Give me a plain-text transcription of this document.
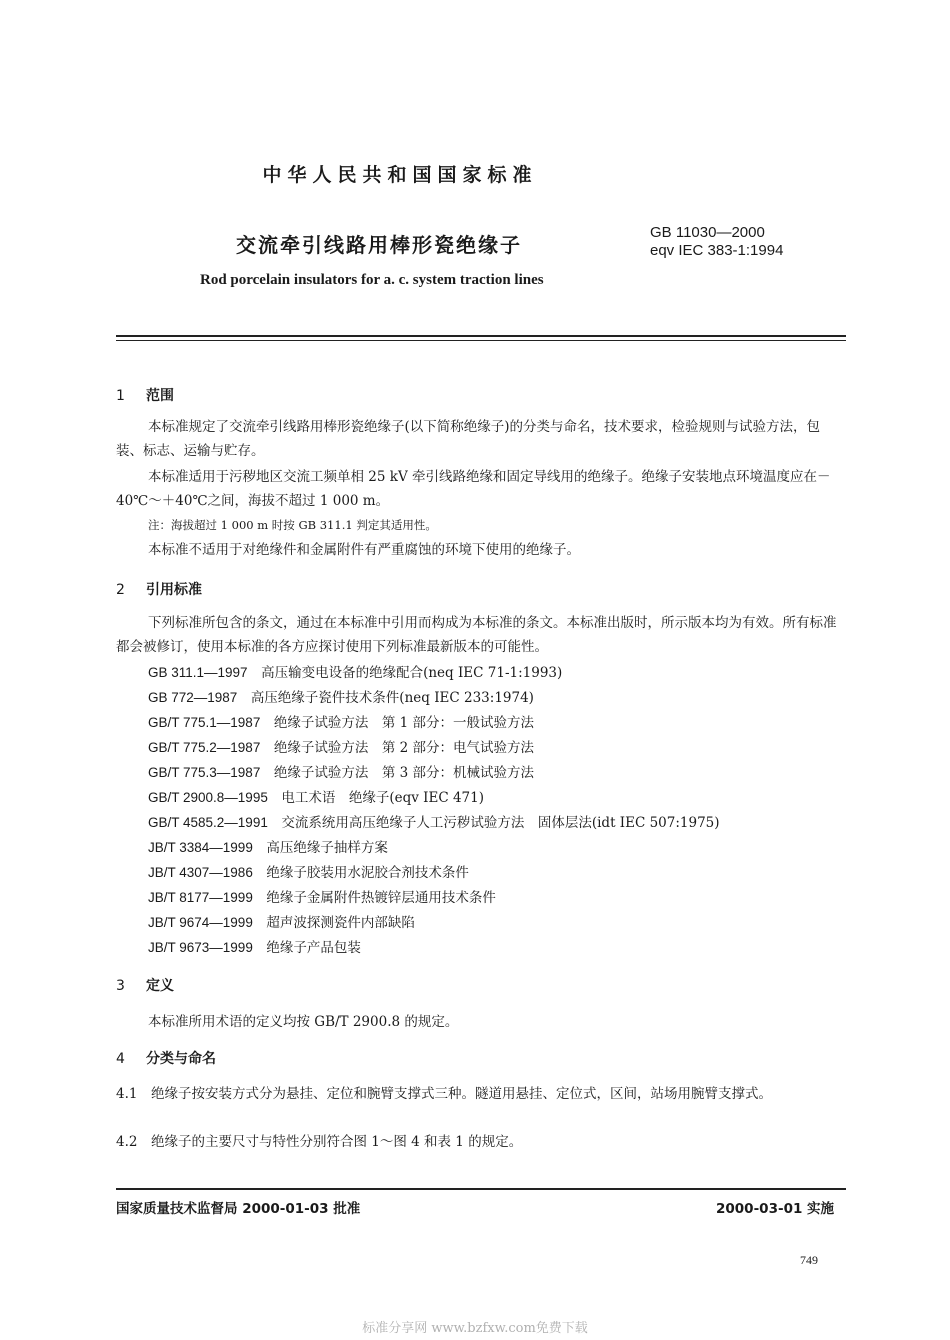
中华人民共和国国家标准
交流牵引线路用棒形瓷绝缘子
GB 11030—2000
eqv IEC 383-1:1994
Rod porcelain insulators for a. c. system traction lines
1 范围
本标准规定了交流牵引线路用棒形瓷绝缘子(以下简称绝缘子)的分类与命名，技术要求，检验规则与试验方法，包装、标志、运输与贮存。
本标准适用于污秽地区交流工频单相 25 kV 牵引线路绝缘和固定导线用的绝缘子。绝缘子安装地点环境温度应在－40℃～＋40℃之间，海拔不超过 1 000 m。
注：海拔超过 1 000 m 时按 GB 311.1 判定其适用性。
本标准不适用于对绝缘件和金属附件有严重腐蚀的环境下使用的绝缘子。
2 引用标准
下列标准所包含的条文，通过在本标准中引用而构成为本标准的条文。本标准出版时，所示版本均为有效。所有标准都会被修订，使用本标准的各方应探讨使用下列标准最新版本的可能性。
GB 311.1—1997　 高压输变电设备的绝缘配合(neq IEC 71-1:1993)
GB 772—1987　 高压绝缘子瓷件技术条件(neq IEC 233:1974)
GB/T 775.1—1987　 绝缘子试验方法　第 1 部分：一般试验方法
GB/T 775.2—1987　 绝缘子试验方法　第 2 部分：电气试验方法
GB/T 775.3—1987　 绝缘子试验方法　第 3 部分：机械试验方法
GB/T 2900.8—1995　 电工术语　绝缘子(eqv IEC 471)
GB/T 4585.2—1991　 交流系统用高压绝缘子人工污秽试验方法　固体层法(idt IEC 507:1975)
JB/T 3384—1999　 高压绝缘子抽样方案
JB/T 4307—1986　 绝缘子胶装用水泥胶合剂技术条件
JB/T 8177—1999　 绝缘子金属附件热镀锌层通用技术条件
JB/T 9674—1999　 超声波探测瓷件内部缺陷
JB/T 9673—1999　 绝缘子产品包装
3 定义
本标准所用术语的定义均按 GB/T 2900.8 的规定。
4 分类与命名
4.1　绝缘子按安装方式分为悬挂、定位和腕臂支撑式三种。隧道用悬挂、定位式，区间，站场用腕臂支撑式。
4.2　绝缘子的主要尺寸与特性分别符合图 1～图 4 和表 1 的规定。
国家质量技术监督局 2000-01-03 批准	2000-03-01 实施
749
标准分享网 www.bzfxw.com免费下载
